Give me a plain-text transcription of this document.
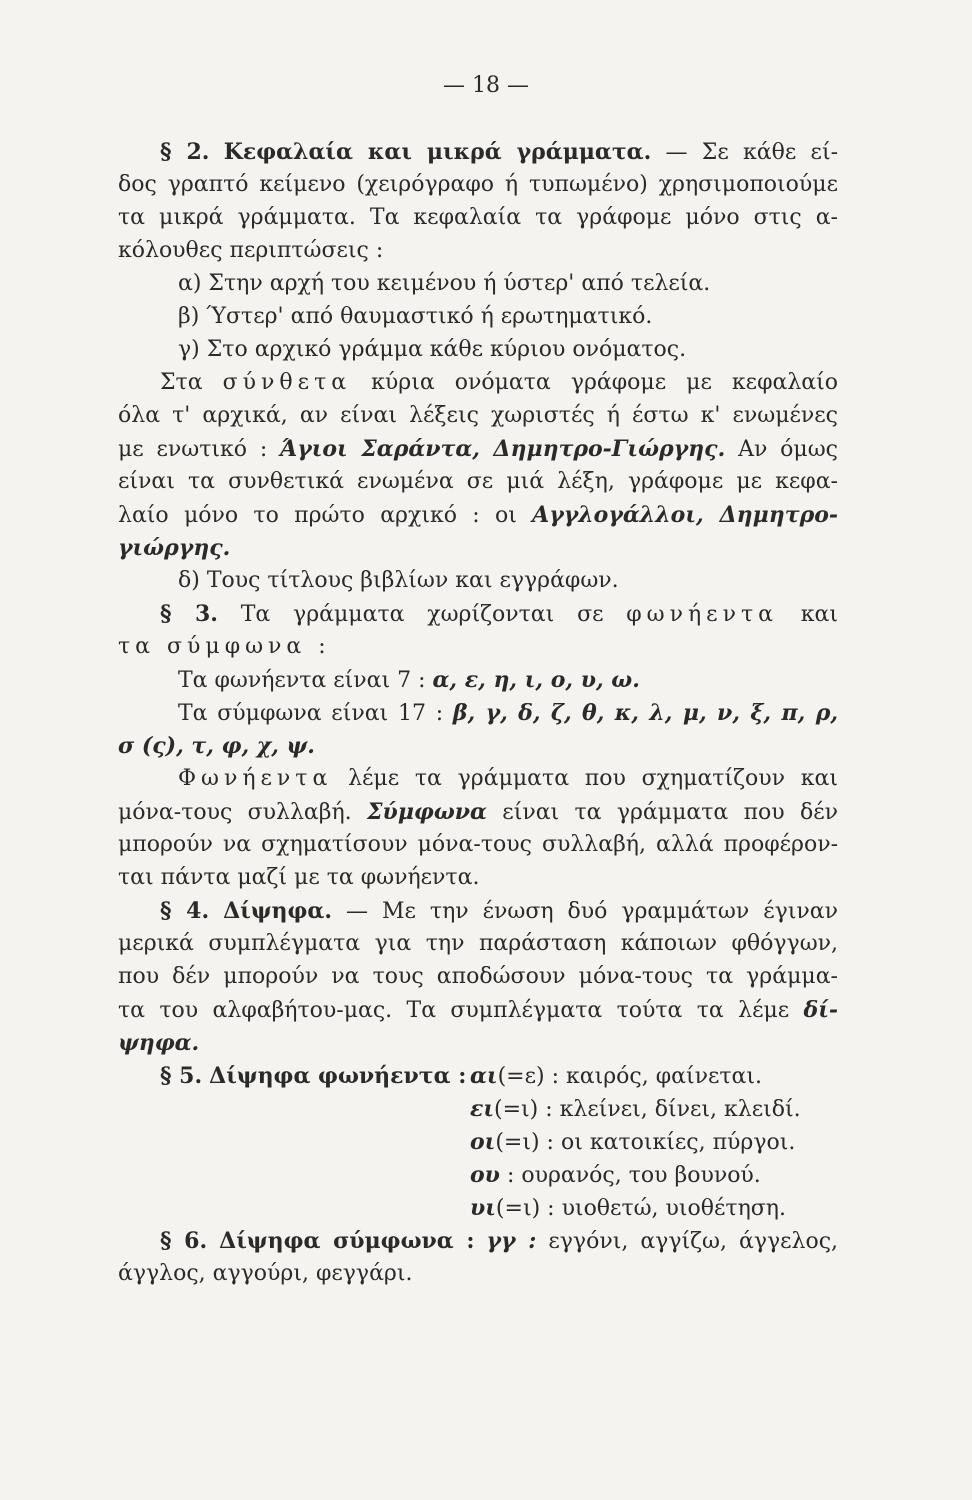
— 18 —
§ 2. Κεφαλαία και μικρά γράμματα. — Σε κάθε εί-
δος γραπτό κείμενο (χειρόγραφο ή τυπωμένο) χρησιμοποιούμε
τα μικρά γράμματα. Τα κεφαλαία τα γράφομε μόνο στις α-
κόλουθες περιπτώσεις :
α) Στην αρχή του κειμένου ή ύστερ' από τελεία.
β) Ύστερ' από θαυμαστικό ή ερωτηματικό.
γ) Στο αρχικό γράμμα κάθε κύριου ονόματος.
Στα σύνθετα κύρια ονόματα γράφομε με κεφαλαίο
όλα τ' αρχικά, αν είναι λέξεις χωριστές ή έστω κ' ενωμένες
με ενωτικό : Άγιοι Σαράντα, Δημητρο-Γιώργης. Αν όμως
είναι τα συνθετικά ενωμένα σε μιά λέξη, γράφομε με κεφα-
λαίο μόνο το πρώτο αρχικό : οι Αγγλογάλλοι, Δημητρο-
γιώργης.
δ) Τους τίτλους βιβλίων και εγγράφων.
§ 3. Τα γράμματα χωρίζονται σε φωνήεντα και
τα σύμφωνα :
Τα φωνήεντα είναι 7 : α, ε, η, ι, ο, υ, ω.
Τα σύμφωνα είναι 17 : β, γ, δ, ζ, θ, κ, λ, μ, ν, ξ, π, ρ,
σ (ς), τ, φ, χ, ψ.
Φωνήεντα λέμε τα γράμματα που σχηματίζουν και
μόνα-τους συλλαβή. Σύμφωνα είναι τα γράμματα που δέν
μπορούν να σχηματίσουν μόνα-τους συλλαβή, αλλά προφέρον-
ται πάντα μαζί με τα φωνήεντα.
§ 4. Δίψηφα. — Με την ένωση δυό γραμμάτων έγιναν
μερικά συμπλέγματα για την παράσταση κάποιων φθόγγων,
που δέν μπορούν να τους αποδώσουν μόνα-τους τα γράμμα-
τα του αλφαβήτου-μας. Τα συμπλέγματα τούτα τα λέμε δί-
ψηφα.
§ 5. Δίψηφα φωνήεντα : αι(=ε) : καιρός, φαίνεται.
ει(=ι) : κλείνει, δίνει, κλειδί.
οι(=ι) : οι κατοικίες, πύργοι.
ου : ουρανός, του βουνού.
υι(=ι) : υιοθετώ, υιοθέτηση.
§ 6. Δίψηφα σύμφωνα : γγ : εγγόνι, αγγίζω, άγγελος,
άγγλος, αγγούρι, φεγγάρι.
